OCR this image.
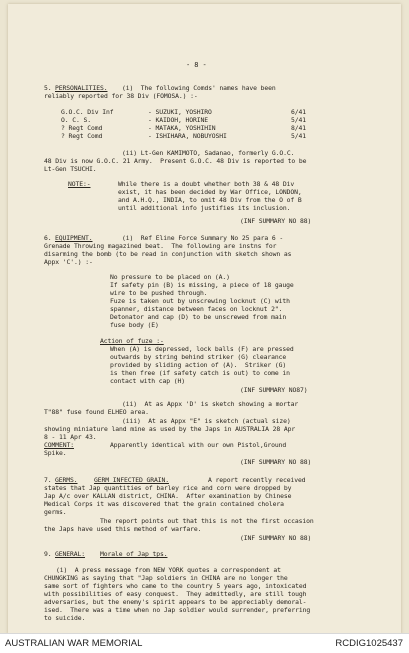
- 8 -
5. PERSONALITIES. (i)  The following Comds' names have been
reliably reported for 38 Div (FOMOSA.) :-
G.O.C. Div Inf	- SUZUKI, YOSHIRO	6/41
O. C. S.	- KAIDOH, HORINE	5/41
? Regt Comd	- MATAKA, YOSHIHIN	8/41
? Regt Comd	- ISHIHARA, NOBUYOSHI	5/41
(ii) Lt-Gen KAMIMOTO, Sadanao, formerly G.O.C.
48 Div is now G.O.C. 21 Army.  Present G.O.C. 48 Div is reported to be
Lt-Gen TSUCHI.
NOTE:-	While there is a doubt whether both 38 & 48 Div
exist, it has been decided by War Office, LONDON,
and A.H.Q., INDIA, to omit 48 Div from the O of B
until additional info justifies its inclusion.
(INF SUMMARY NO 88)
6. EQUIPMENT.	(i)  Ref Eline Force Summary No 25 para 6 -
Grenade Throwing magazined beat.  The following are instns for
disarming the bomb (to be read in conjunction with sketch shown as
Appx 'C'.) :-
No pressure to be placed on (A.)
If safety pin (B) is missing, a piece of 18 gauge
wire to be pushed through.
Fuze is taken out by unscrewing locknut (C) with
spanner, distance between faces on locknut 2".
Detonator and cap (D) to be unscrewed from main
fuse body (E)
Action of fuze :-
When (A) is depressed, lock balls (F) are pressed
outwards by string behind striker (G) clearance
provided by sliding action of (A).  Striker (G)
is then free (if safety catch is out) to come in
contact with cap (H)
(INF SUMMARY NO87)
(ii)  At as Appx 'D' is sketch showing a mortar
T"88" fuse found ELHEO area.
(iii)  At as Appx "E" is sketch (actual size)
showing miniature land mine as used by the Japs in AUSTRALIA 28 Apr
8 - 11 Apr 43.
COMMENT:	Apparently identical with our own Pistol,Ground
Spike.
(INF SUMMARY NO 88)
7. GERMS.	GERM INFECTED GRAIN.	A report recently received
states that Jap quantities of barley rice and corn were dropped by
Jap A/c over KALLAN district, CHINA.  After examination by Chinese
Medical Corps it was discovered that the grain contained cholera
germs.
The report points out that this is not the first occasion
the Japs have used this method of warfare.
(INF SUMMARY NO 88)
9. GENERAL: Morale of Jap tps.
(i)  A press message from NEW YORK quotes a correspondent at
CHUNGKING as saying that "Jap soldiers in CHINA are no longer the
same sort of fighters who came to the country 5 years ago, intoxicated
with possibilities of easy conquest.  They admittedly, are still tough
adversaries, but the enemy's spirit appears to be appreciably demoral-
ised.  There was a time when no Jap soldier would surrender, preferring
to suicide.
AUSTRALIAN WAR MEMORIAL	RCDIG1025437
